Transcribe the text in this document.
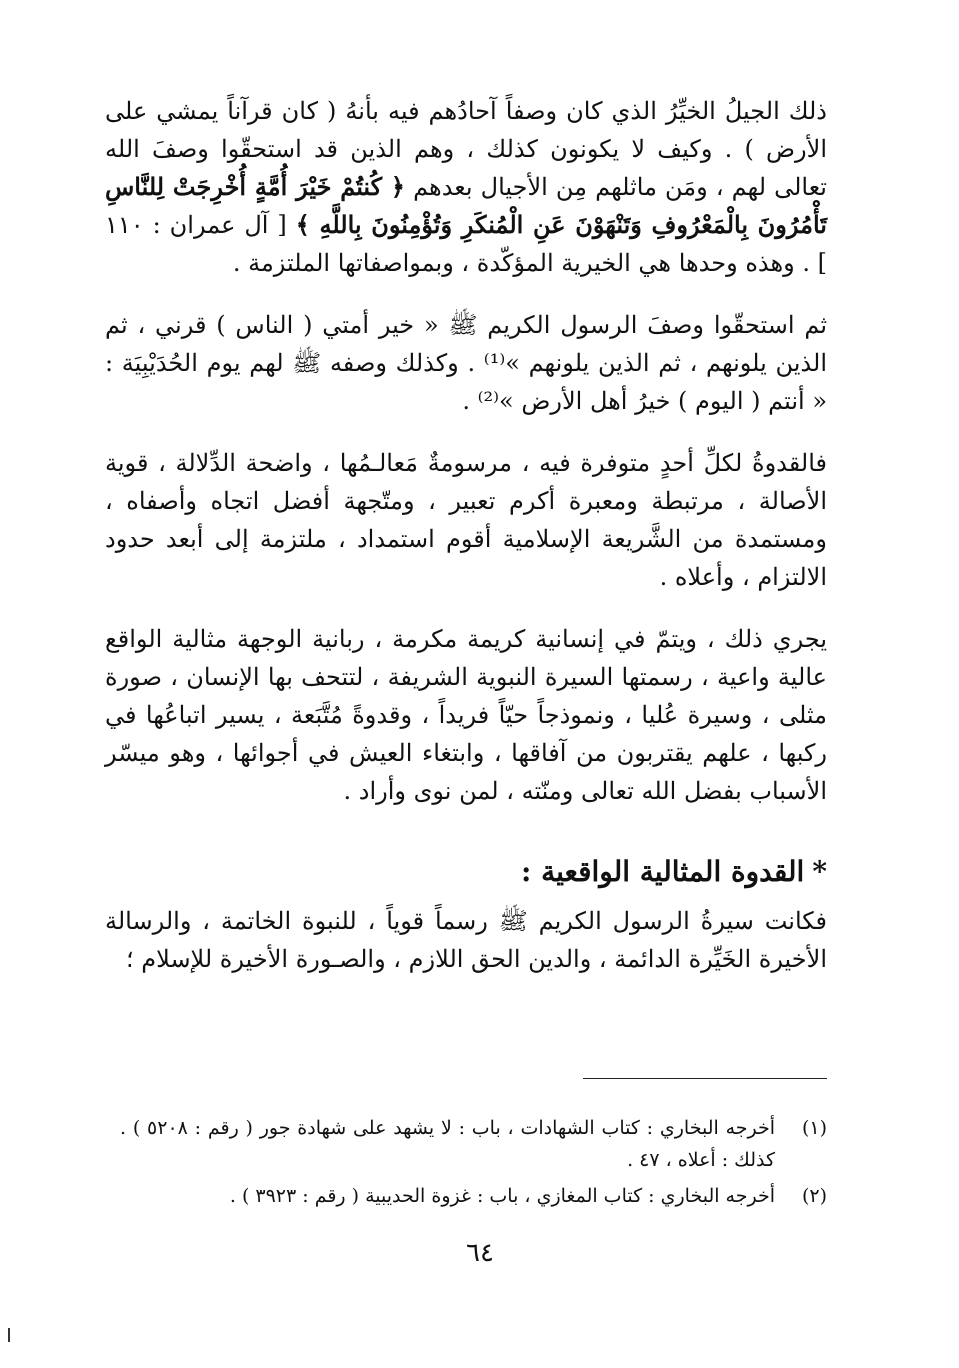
ذلك الجيلُ الخيِّرُ الذي كان وصفاً آحادُهم فيه بأنهُ ( كان قرآناً يمشي على الأرض ) . وكيف لا يكونون كذلك ، وهم الذين قد استحقّوا وصفَ الله تعالى لهم ، ومَن ماثلهم مِن الأجيال بعدهم ﴿ كُنتُمْ خَيْرَ أُمَّةٍ أُخْرِجَتْ لِلنَّاسِ تَأْمُرُونَ بِالْمَعْرُوفِ وَتَنْهَوْنَ عَنِ الْمُنكَرِ وَتُؤْمِنُونَ بِاللَّهِ ﴾ [ آل عمران : ١١٠ ] . وهذه وحدها هي الخيرية المؤكّدة ، وبمواصفاتها الملتزمة .

ثم استحقّوا وصفَ الرسول الكريم ﷺ « خير أمتي ( الناس ) قرني ، ثم الذين يلونهم ، ثم الذين يلونهم »⁽¹⁾ . وكذلك وصفه ﷺ لهم يوم الحُدَيْبِيَة : « أنتم ( اليوم ) خيرُ أهل الأرض »⁽²⁾ .

فالقدوةُ لكلِّ أحدٍ متوفرة فيه ، مرسومةٌ مَعالـمُها ، واضحة الدِّلالة ، قوية الأصالة ، مرتبطة ومعبرة أكرم تعبير ، ومتّجهة أفضل اتجاه وأصفاه ، ومستمدة من الشَّريعة الإسلامية أقوم استمداد ، ملتزمة إلى أبعد حدود الالتزام ، وأعلاه .

يجري ذلك ، ويتمّ في إنسانية كريمة مكرمة ، ربانية الوجهة مثالية الواقع عالية واعية ، رسمتها السيرة النبوية الشريفة ، لتتحف بها الإنسان ، صورة مثلى ، وسيرة عُليا ، ونموذجاً حيّاً فريداً ، وقدوةً مُتَّبَعة ، يسير اتباعُها في ركبها ، علهم يقتربون من آفاقها ، وابتغاء العيش في أجوائها ، وهو ميسّر الأسباب بفضل الله تعالى ومنّته ، لمن نوى وأراد .

*القدوة المثالية الواقعية :

فكانت سيرةُ الرسول الكريم ﷺ رسماً قوياً ، للنبوة الخاتمة ، والرسالة الأخيرة الخَيِّرة الدائمة ، والدين الحق اللازم ، والصـورة الأخيرة للإسلام ؛

(١)
أخرجه البخاري : كتاب الشهادات ، باب : لا يشهد على شهادة جور ( رقم : ٥٢٠٨ ) . كذلك : أعلاه ، ٤٧ .
(٢)
أخرجه البخاري : كتاب المغازي ، باب : غزوة الحديبية ( رقم : ٣٩٢٣ ) .
٦٤
